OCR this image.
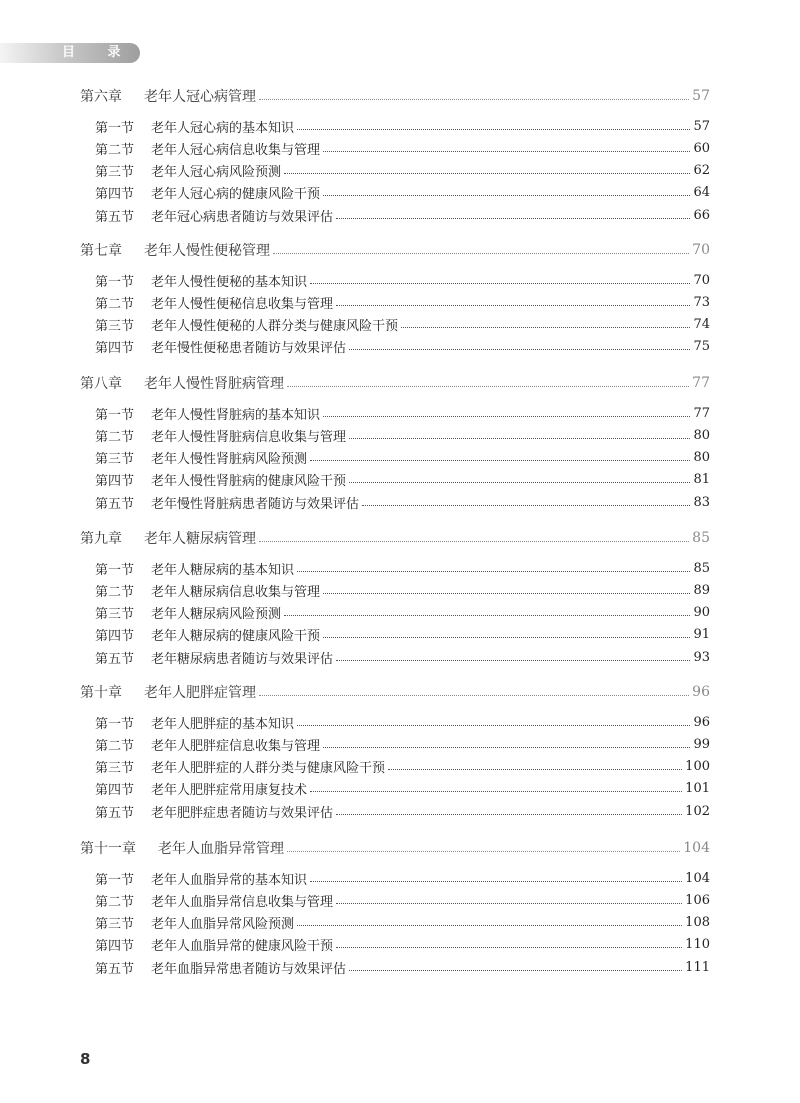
目 录
第六章	老年人冠心病管理	57
第一节	老年人冠心病的基本知识	57
第二节	老年人冠心病信息收集与管理	60
第三节	老年人冠心病风险预测	62
第四节	老年人冠心病的健康风险干预	64
第五节	老年冠心病患者随访与效果评估	66
第七章	老年人慢性便秘管理	70
第一节	老年人慢性便秘的基本知识	70
第二节	老年人慢性便秘信息收集与管理	73
第三节	老年人慢性便秘的人群分类与健康风险干预	74
第四节	老年慢性便秘患者随访与效果评估	75
第八章	老年人慢性肾脏病管理	77
第一节	老年人慢性肾脏病的基本知识	77
第二节	老年人慢性肾脏病信息收集与管理	80
第三节	老年人慢性肾脏病风险预测	80
第四节	老年人慢性肾脏病的健康风险干预	81
第五节	老年慢性肾脏病患者随访与效果评估	83
第九章	老年人糖尿病管理	85
第一节	老年人糖尿病的基本知识	85
第二节	老年人糖尿病信息收集与管理	89
第三节	老年人糖尿病风险预测	90
第四节	老年人糖尿病的健康风险干预	91
第五节	老年糖尿病患者随访与效果评估	93
第十章	老年人肥胖症管理	96
第一节	老年人肥胖症的基本知识	96
第二节	老年人肥胖症信息收集与管理	99
第三节	老年人肥胖症的人群分类与健康风险干预	100
第四节	老年人肥胖症常用康复技术	101
第五节	老年肥胖症患者随访与效果评估	102
第十一章	老年人血脂异常管理	104
第一节	老年人血脂异常的基本知识	104
第二节	老年人血脂异常信息收集与管理	106
第三节	老年人血脂异常风险预测	108
第四节	老年人血脂异常的健康风险干预	110
第五节	老年血脂异常患者随访与效果评估	111
8
